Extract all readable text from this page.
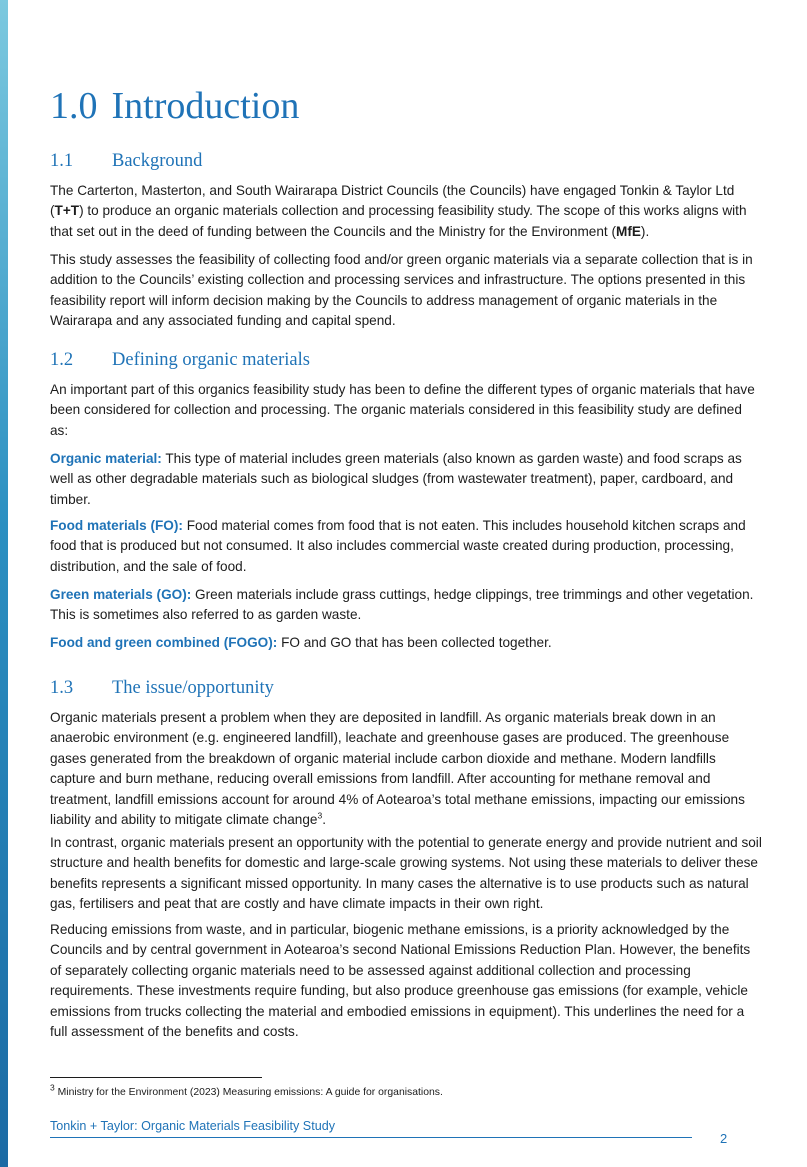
1.0 Introduction
1.1 Background

The Carterton, Masterton, and South Wairarapa District Councils (the Councils) have engaged Tonkin & Taylor Ltd (T+T) to produce an organic materials collection and processing feasibility study. The scope of this works aligns with that set out in the deed of funding between the Councils and the Ministry for the Environment (MfE).

This study assesses the feasibility of collecting food and/or green organic materials via a separate collection that is in addition to the Councils’ existing collection and processing services and infrastructure. The options presented in this feasibility report will inform decision making by the Councils to address management of organic materials in the Wairarapa and any associated funding and capital spend.

1.2 Defining organic materials

An important part of this organics feasibility study has been to define the different types of organic materials that have been considered for collection and processing. The organic materials considered in this feasibility study are defined as:

Organic material: This type of material includes green materials (also known as garden waste) and food scraps as well as other degradable materials such as biological sludges (from wastewater treatment), paper, cardboard, and timber.

Food materials (FO): Food material comes from food that is not eaten. This includes household kitchen scraps and food that is produced but not consumed. It also includes commercial waste created during production, processing, distribution, and the sale of food.

Green materials (GO): Green materials include grass cuttings, hedge clippings, tree trimmings and other vegetation. This is sometimes also referred to as garden waste.

Food and green combined (FOGO): FO and GO that has been collected together.

1.3 The issue/opportunity

Organic materials present a problem when they are deposited in landfill. As organic materials break down in an anaerobic environment (e.g. engineered landfill), leachate and greenhouse gases are produced. The greenhouse gases generated from the breakdown of organic material include carbon dioxide and methane. Modern landfills capture and burn methane, reducing overall emissions from landfill. After accounting for methane removal and treatment, landfill emissions account for around 4% of Aotearoa’s total methane emissions, impacting our emissions liability and ability to mitigate climate change$^3$.

In contrast, organic materials present an opportunity with the potential to generate energy and provide nutrient and soil structure and health benefits for domestic and large-scale growing systems. Not using these materials to deliver these benefits represents a significant missed opportunity. In many cases the alternative is to use products such as natural gas, fertilisers and peat that are costly and have climate impacts in their own right.

Reducing emissions from waste, and in particular, biogenic methane emissions, is a priority acknowledged by the Councils and by central government in Aotearoa’s second National Emissions Reduction Plan. However, the benefits of separately collecting organic materials need to be assessed against additional collection and processing requirements. These investments require funding, but also produce greenhouse gas emissions (for example, vehicle emissions from trucks collecting the material and embodied emissions in equipment). This underlines the need for a full assessment of the benefits and costs.

$^3$ Ministry for the Environment (2023) Measuring emissions: A guide for organisations.

Tonkin + Taylor: Organic Materials Feasibility Study

2
